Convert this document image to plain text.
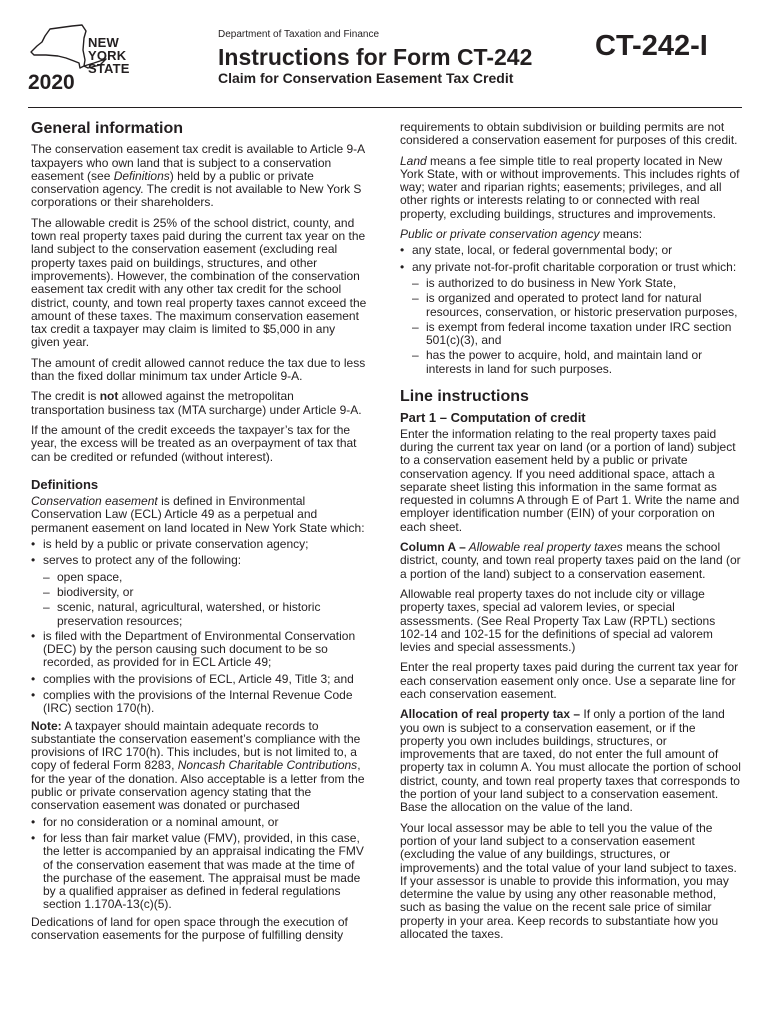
NEW
YORK
STATE
2020
Department of Taxation and Finance
Instructions for Form CT-242
Claim for Conservation Easement Tax Credit
CT-242-I
General information

The conservation easement tax credit is available to Article 9-A taxpayers who own land that is subject to a conservation easement (see Definitions) held by a public or private conservation agency. The credit is not available to New York S corporations or their shareholders.

The allowable credit is 25% of the school district, county, and town real property taxes paid during the current tax year on the land subject to the conservation easement (excluding real property taxes paid on buildings, structures, and other improvements). However, the combination of the conservation easement tax credit with any other tax credit for the school district, county, and town real property taxes cannot exceed the amount of these taxes. The maximum conservation easement tax credit a taxpayer may claim is limited to $5,000 in any given year.

The amount of credit allowed cannot reduce the tax due to less than the fixed dollar minimum tax under Article 9-A.

The credit is not allowed against the metropolitan transportation business tax (MTA surcharge) under Article 9-A.

If the amount of the credit exceeds the taxpayer’s tax for the year, the excess will be treated as an overpayment of tax that can be credited or refunded (without interest).

Definitions

Conservation easement is defined in Environmental Conservation Law (ECL) Article 49 as a perpetual and permanent easement on land located in New York State which:

• is held by a public or private conservation agency;
• serves to protect any of the following:
– open space,
– biodiversity, or
– scenic, natural, agricultural, watershed, or historic preservation resources;
• is filed with the Department of Environmental Conservation (DEC) by the person causing such document to be so recorded, as provided for in ECL Article 49;
• complies with the provisions of ECL, Article 49, Title 3; and
• complies with the provisions of the Internal Revenue Code (IRC) section 170(h).

Note: A taxpayer should maintain adequate records to substantiate the conservation easement’s compliance with the provisions of IRC 170(h). This includes, but is not limited to, a copy of federal Form 8283, Noncash Charitable Contributions, for the year of the donation. Also acceptable is a letter from the public or private conservation agency stating that the conservation easement was donated or purchased

• for no consideration or a nominal amount, or
• for less than fair market value (FMV), provided, in this case, the letter is accompanied by an appraisal indicating the FMV of the conservation easement that was made at the time of the purchase of the easement. The appraisal must be made by a qualified appraiser as defined in federal regulations section 1.170A-13(c)(5).

Dedications of land for open space through the execution of conservation easements for the purpose of fulfilling density

requirements to obtain subdivision or building permits are not considered a conservation easement for purposes of this credit.

Land means a fee simple title to real property located in New York State, with or without improvements. This includes rights of way; water and riparian rights; easements; privileges, and all other rights or interests relating to or connected with real property, excluding buildings, structures and improvements.

Public or private conservation agency means:

• any state, local, or federal governmental body; or
• any private not-for-profit charitable corporation or trust which:
– is authorized to do business in New York State,
– is organized and operated to protect land for natural resources, conservation, or historic preservation purposes,
– is exempt from federal income taxation under IRC section 501(c)(3), and
– has the power to acquire, hold, and maintain land or interests in land for such purposes.
Line instructions
Part 1 – Computation of credit

Enter the information relating to the real property taxes paid during the current tax year on land (or a portion of land) subject to a conservation easement held by a public or private conservation agency. If you need additional space, attach a separate sheet listing this information in the same format as requested in columns A through E of Part 1. Write the name and employer identification number (EIN) of your corporation on each sheet.

Column A – Allowable real property taxes means the school district, county, and town real property taxes paid on the land (or a portion of the land) subject to a conservation easement.

Allowable real property taxes do not include city or village property taxes, special ad valorem levies, or special assessments. (See Real Property Tax Law (RPTL) sections 102-14 and 102-15 for the definitions of special ad valorem levies and special assessments.)

Enter the real property taxes paid during the current tax year for each conservation easement only once. Use a separate line for each conservation easement.

Allocation of real property tax – If only a portion of the land you own is subject to a conservation easement, or if the property you own includes buildings, structures, or improvements that are taxed, do not enter the full amount of property tax in column A. You must allocate the portion of school district, county, and town real property taxes that corresponds to the portion of your land subject to a conservation easement. Base the allocation on the value of the land.

Your local assessor may be able to tell you the value of the portion of your land subject to a conservation easement (excluding the value of any buildings, structures, or improvements) and the total value of your land subject to taxes. If your assessor is unable to provide this information, you may determine the value by using any other reasonable method, such as basing the value on the recent sale price of similar property in your area. Keep records to substantiate how you allocated the taxes.
